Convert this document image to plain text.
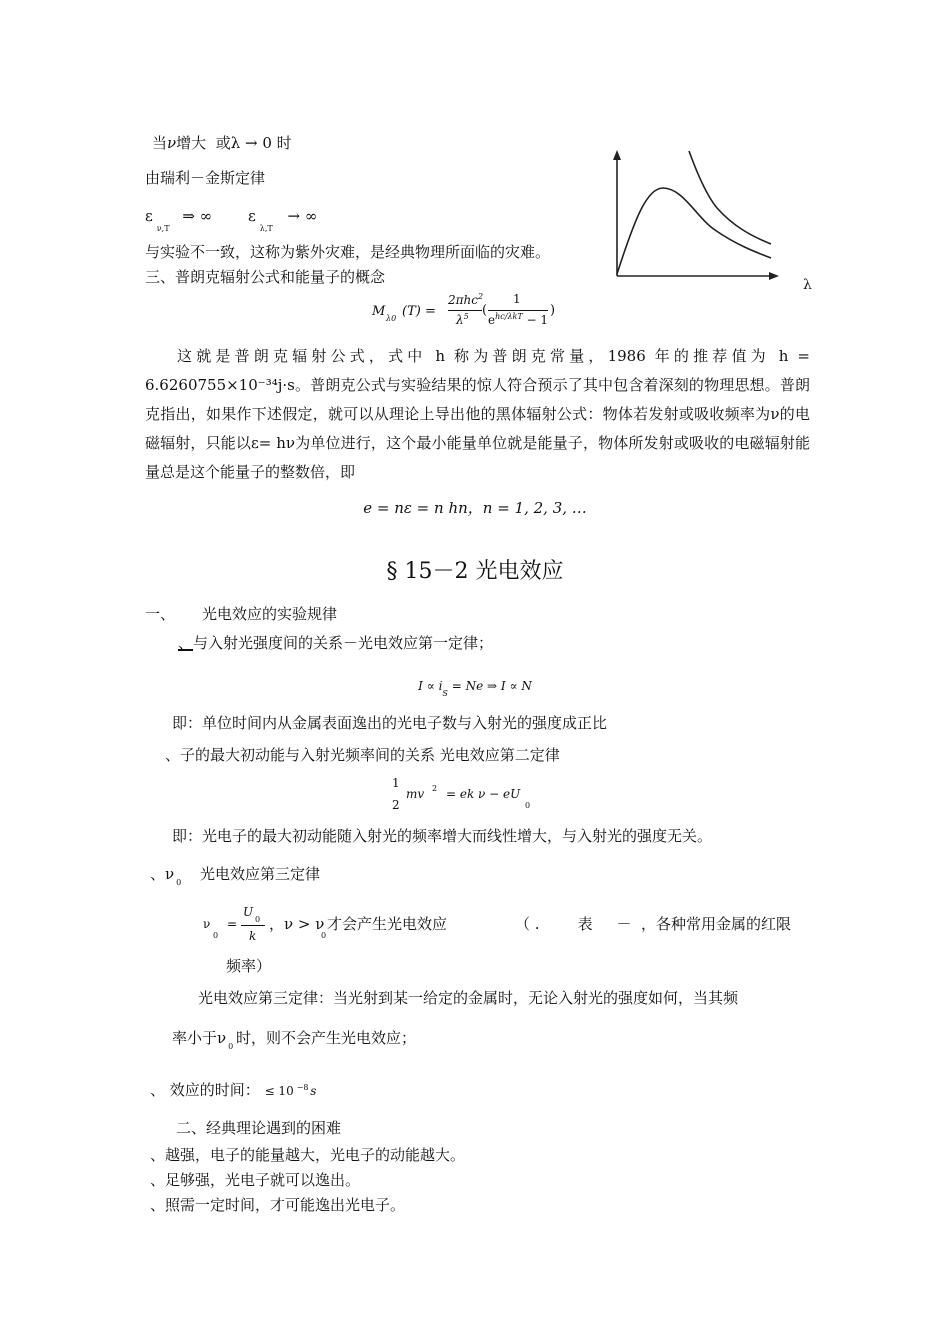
当ν增大 或λ → 0 时
由瑞利－金斯定律
$\varepsilon_{\nu,T}$ ⇒ ∞ $\varepsilon_{\lambda,T}$ → ∞
与实验不一致，这称为紫外灾难，是经典物理所面临的灾难。
三、普朗克辐射公式和能量子的概念	λ
M λ0 (T) =
2πhc$^2$
$\lambda^5$ (
1
$e^{hc/\lambda kT} - 1$
)
这就是普朗克辐射公式，式中 h 称为普朗克常量，1986 年的推荐值为 h = 6.6260755×10⁻³⁴j·s。普朗克公式与实验结果的惊人符合预示了其中包含着深刻的物理思想。普朗克指出，如果作下述假定，就可以从理论上导出他的黑体辐射公式：物体若发射或吸收频率为ν的电磁辐射，只能以ε= hν为单位进行，这个最小能量单位就是能量子，物体所发射或吸收的电磁辐射能量总是这个能量子的整数倍，即
e = nε = n hn，n = 1, 2, 3, …
§ 15－2 光电效应
一、 光电效应的实验规律
、与入射光强度间的关系－光电效应第一定律；
$I \propto i_S = Ne$ ⇒ I ∝ N
即：单位时间内从金属表面逸出的光电子数与入射光的强度成正比
、子的最大初动能与入射光频率间的关系 光电效应第二定律
1
2
mv 2 = ek ν − eU
0
即：光电子的最大初动能随入射光的频率增大而线性增大，与入射光的强度无关。
、ν $_0$ 光电效应第三定律
ν
0
=
U
0
k
，ν > ν
0
才会产生光电效应	（ .        表     －  ，各种常用金属的红限
频率）
光电效应第三定律：当光射到某一给定的金属时，无论入射光的强度如何，当其频
率小于ν $_0$ 时，则不会产生光电效应；
、 效应的时间： ≤ 10 $^{-8}$ s
二、经典理论遇到的困难
、越强，电子的能量越大，光电子的动能越大。
、足够强，光电子就可以逸出。
、照需一定时间，才可能逸出光电子。
